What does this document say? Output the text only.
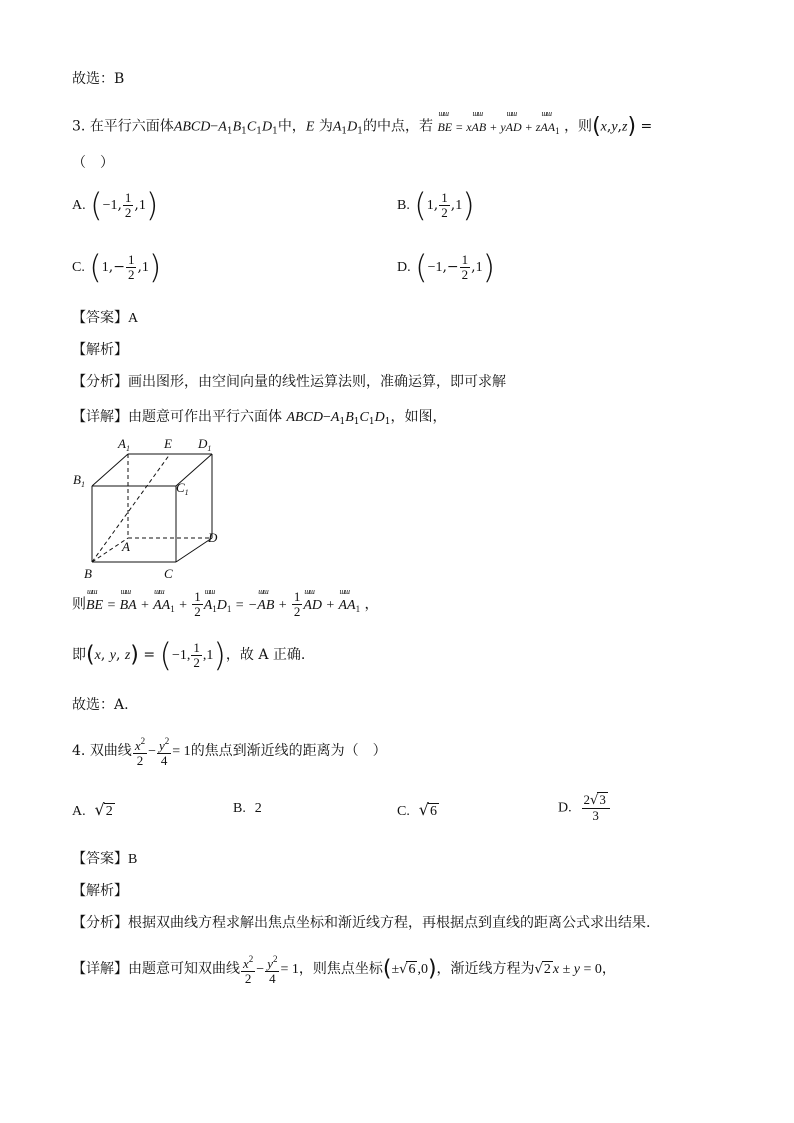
故选：B
3. 在平行六面体$ABCD-A_1B_1C_1D_1$中，E 为$A_1D_1$的中点，若 ɯɯ BE = xɯɯ AB + yɯɯ AD + zɯɯ $AA_1$ ，则(x,y,z) =
（　）
A. (−1, $\frac{1}{2} ,1$)	B. (1, $\frac{1}{2} ,1$)
C. $(1,- \frac{1}{2} ,1)$	D. $(-1,- \frac{1}{2} ,1)$
【答案】A
【解析】
【分析】画出图形，由空间向量的线性运算法则，准确运算，即可求解
【详解】由题意可作出平行六面体 $ABCD-A_1B_1C_1D_1$，如图，
$A_1$	E $D_1$
$B_1$	$C_1$
A
D
B	C
则ɯɯ BE = ɯɯ BA + ɯɯ $AA_1 + \frac{1}{2}$ ɯɯ $A_1D_1$ = −ɯɯ AB + $\frac{1}{2}$ ɯɯ AD + ɯɯ $AA_1$ ，
即(x, y, z) = (−1, $\frac{1}{2} ,1$)，故 A 正确.
故选：A.
4. 双曲线 $\frac{x^2}{2} - \frac{y^2}{4} = 1$的焦点到渐近线的距离为（　）
A. √2	B. 2	C. √6	D. $\frac{2√3}{3}$
【答案】B
【解析】
【分析】根据双曲线方程求解出焦点坐标和渐近线方程，再根据点到直线的距离公式求出结果.
【详解】由题意可知双曲线 $\frac{x^2}{2} - \frac{y^2}{4} = 1$，则焦点坐标(±√6 ,0)，渐近线方程为√2 x ± y = 0，
